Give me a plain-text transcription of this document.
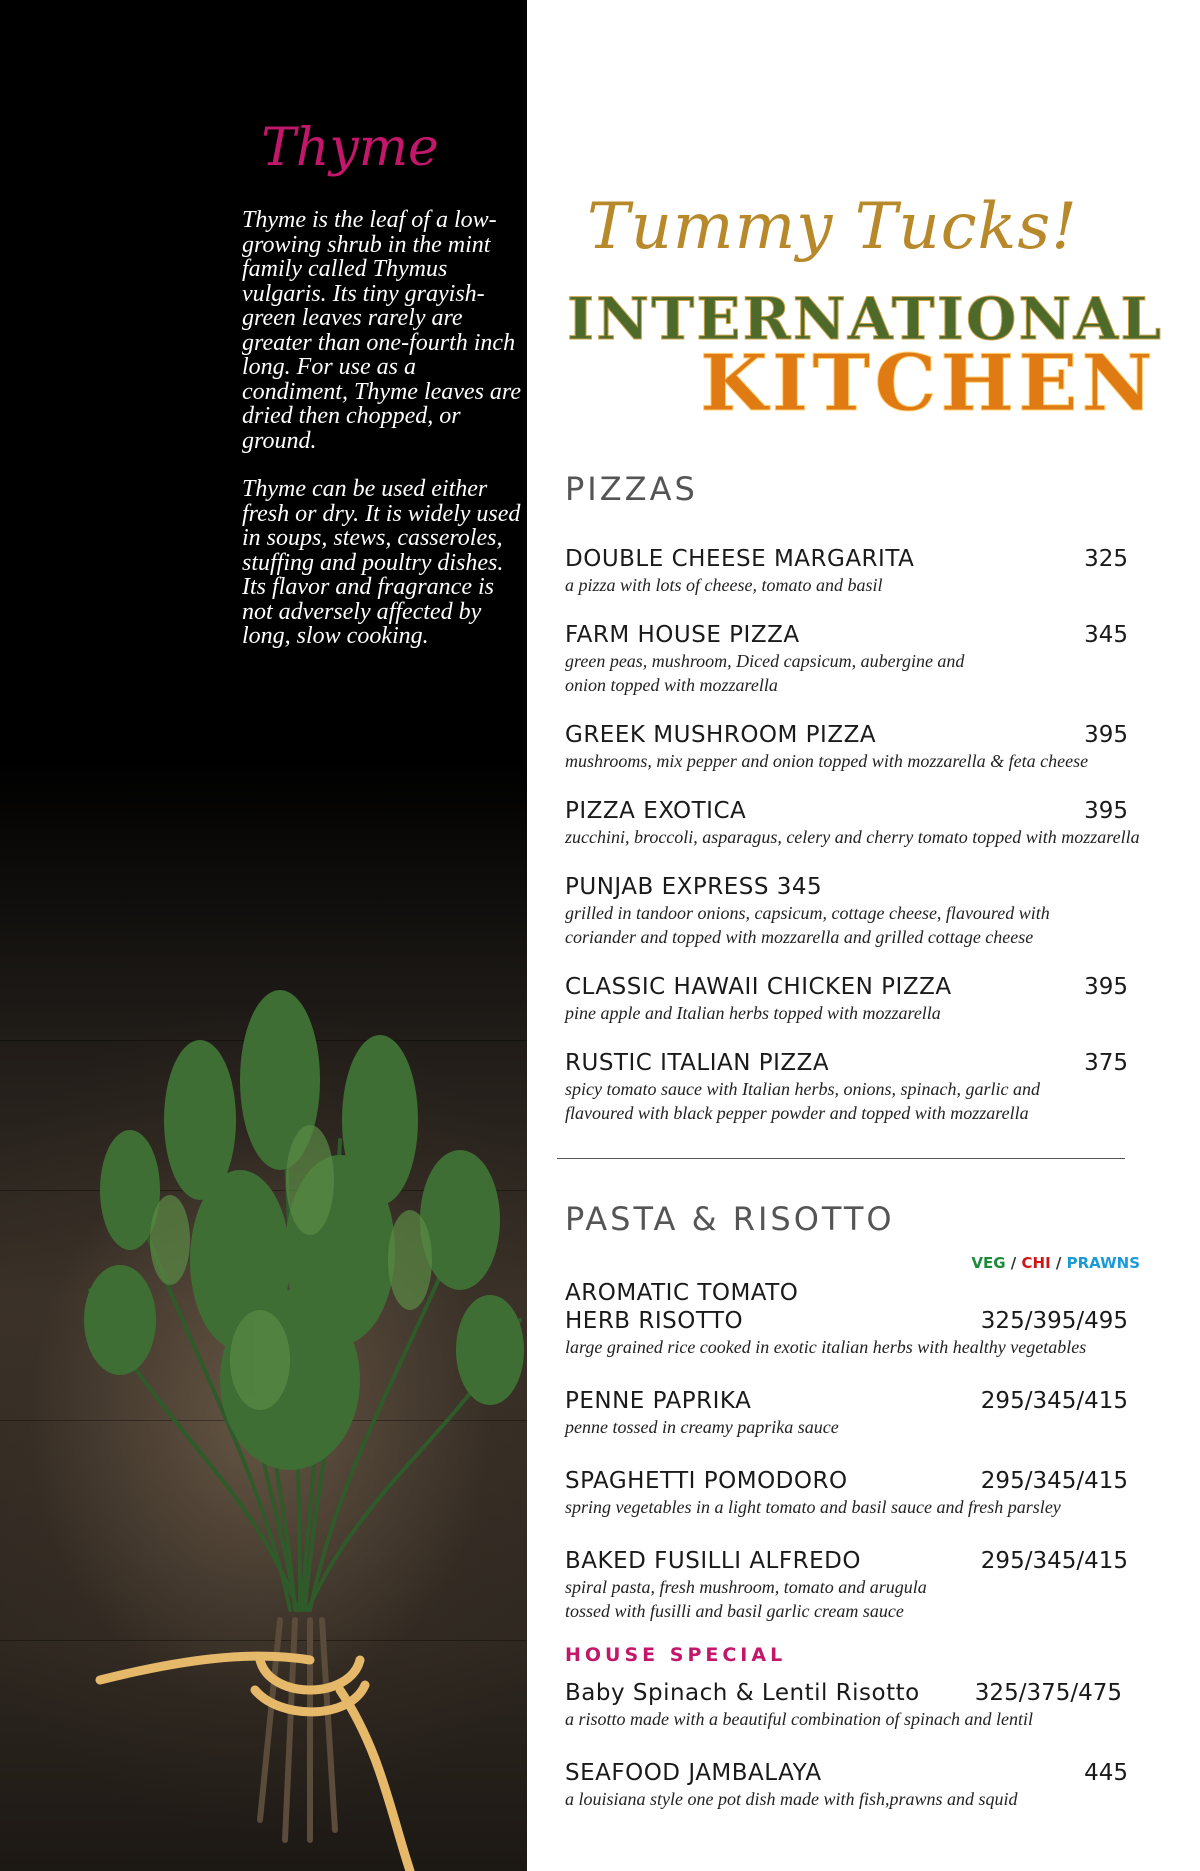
Thyme

Thyme is the leaf of a low-growing shrub in the mint family called Thymus vulgaris. Its tiny grayish-green leaves rarely are greater than one-fourth inch long. For use as a condiment, Thyme leaves are dried then chopped, or ground.

Thyme can be used either fresh or dry. It is widely used in soups, stews, casseroles, stuffing and poultry dishes. Its flavor and fragrance is not adversely affected by long, slow cooking.

Tummy Tucks!
INTERNATIONAL
KITCHEN
PIZZAS
DOUBLE CHEESE MARGARITA	325
a pizza with lots of cheese, tomato and basil
FARM HOUSE PIZZA	345
green peas, mushroom, Diced capsicum, aubergine and onion topped with mozzarella
GREEK MUSHROOM PIZZA	395
mushrooms, mix pepper and onion topped with mozzarella & feta cheese
PIZZA EXOTICA	395
zucchini, broccoli, asparagus, celery and cherry tomato topped with mozzarella
PUNJAB EXPRESS 345
grilled in tandoor onions, capsicum, cottage cheese, flavoured with coriander and topped with mozzarella and grilled cottage cheese
CLASSIC HAWAII CHICKEN PIZZA	395
pine apple and Italian herbs topped with mozzarella
RUSTIC ITALIAN PIZZA	375
spicy tomato sauce with Italian herbs, onions, spinach, garlic and flavoured with black pepper powder and topped with mozzarella
PASTA & RISOTTO
VEG / CHI / PRAWNS
AROMATIC TOMATO
HERB RISOTTO	325/395/495
large grained rice cooked in exotic italian herbs with healthy vegetables
PENNE PAPRIKA	295/345/415
penne tossed in creamy paprika sauce
SPAGHETTI POMODORO	295/345/415
spring vegetables in a light tomato and basil sauce and fresh parsley
BAKED FUSILLI ALFREDO	295/345/415
spiral pasta, fresh mushroom, tomato and arugula tossed with fusilli and basil garlic cream sauce
HOUSE SPECIAL
Baby Spinach & Lentil Risotto 325/375/475
a risotto made with a beautiful combination of spinach and lentil
SEAFOOD JAMBALAYA	445
a louisiana style one pot dish made with fish,prawns and squid
